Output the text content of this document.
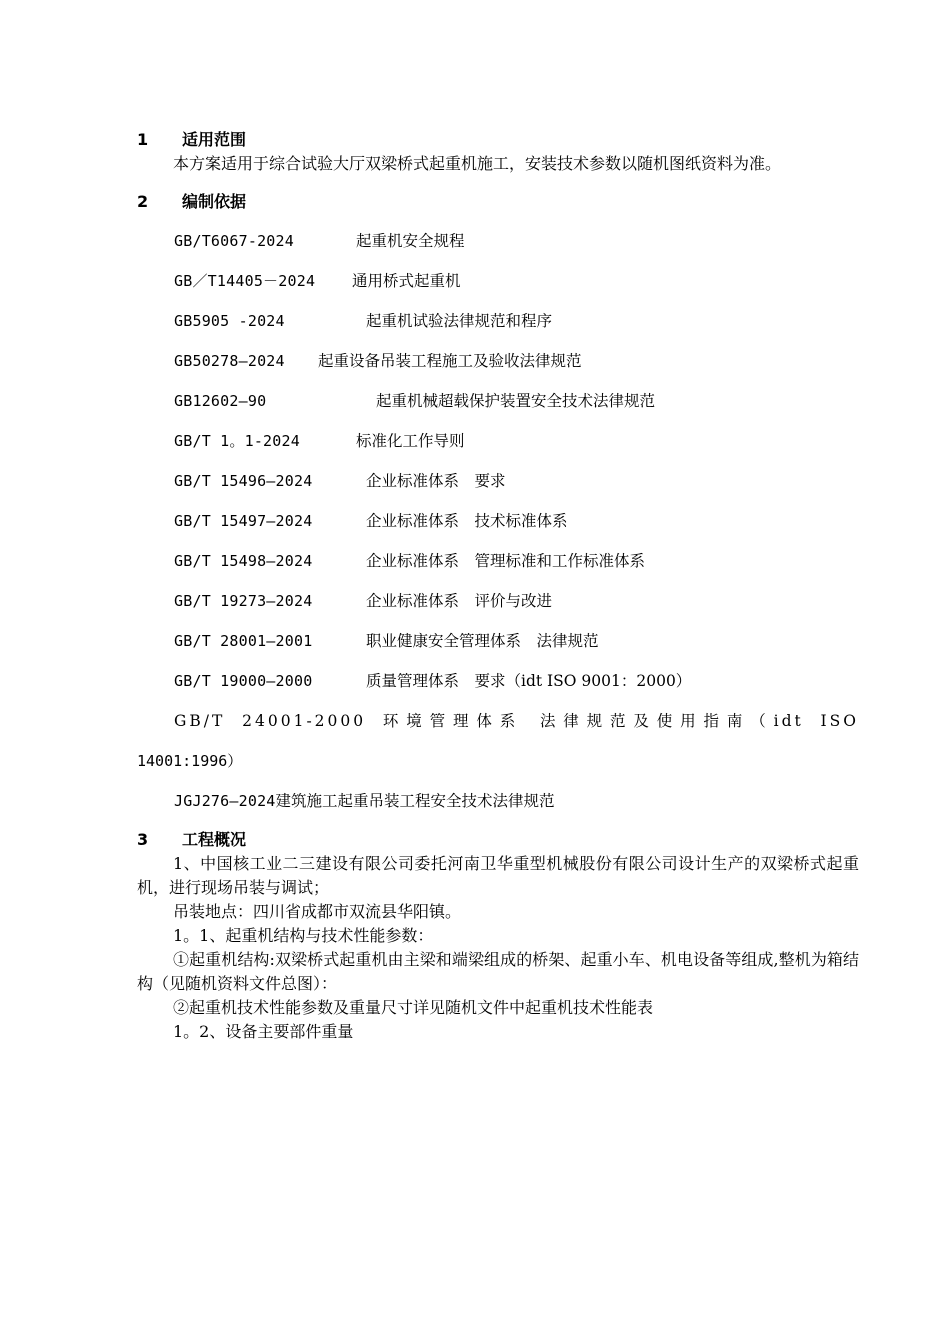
1	适用范围

本方案适用于综合试验大厅双梁桥式起重机施工，安装技术参数以随机图纸资料为准。

2	编制依据
GB/T6067-2024	起重机安全规程
GB／T14405－2024	通用桥式起重机
GB5905 -2024	起重机试验法律规范和程序
GB50278—2024	起重设备吊装工程施工及验收法律规范
GB12602—90	起重机械超载保护装置安全技术法律规范
GB/T 1。1-2024	标准化工作导则
GB/T 15496—2024	企业标准体系　要求
GB/T 15497—2024	企业标准体系　技术标准体系
GB/T 15498—2024	企业标准体系　管理标准和工作标准体系
GB/T 19273—2024	企业标准体系　评价与改进
GB/T 28001—2001	职业健康安全管理体系　法律规范
GB/T 19000—2000	质量管理体系　要求（idt ISO 9001：2000）
GB/T 24001-2000 环境管理体系 法律规范及使用指南（idt ISO
14001:1996）
JGJ276—2024 建筑施工起重吊装工程安全技术法律规范
3	工程概况

1、中国核工业二三建设有限公司委托河南卫华重型机械股份有限公司设计生产的双梁桥式起重机，进行现场吊装与调试；

吊装地点：四川省成都市双流县华阳镇。

1。1、起重机结构与技术性能参数：

①起重机结构:双梁桥式起重机由主梁和端梁组成的桥架、起重小车、机电设备等组成,整机为箱结构（见随机资料文件总图）：

②起重机技术性能参数及重量尺寸详见随机文件中起重机技术性能表

1。2、设备主要部件重量
